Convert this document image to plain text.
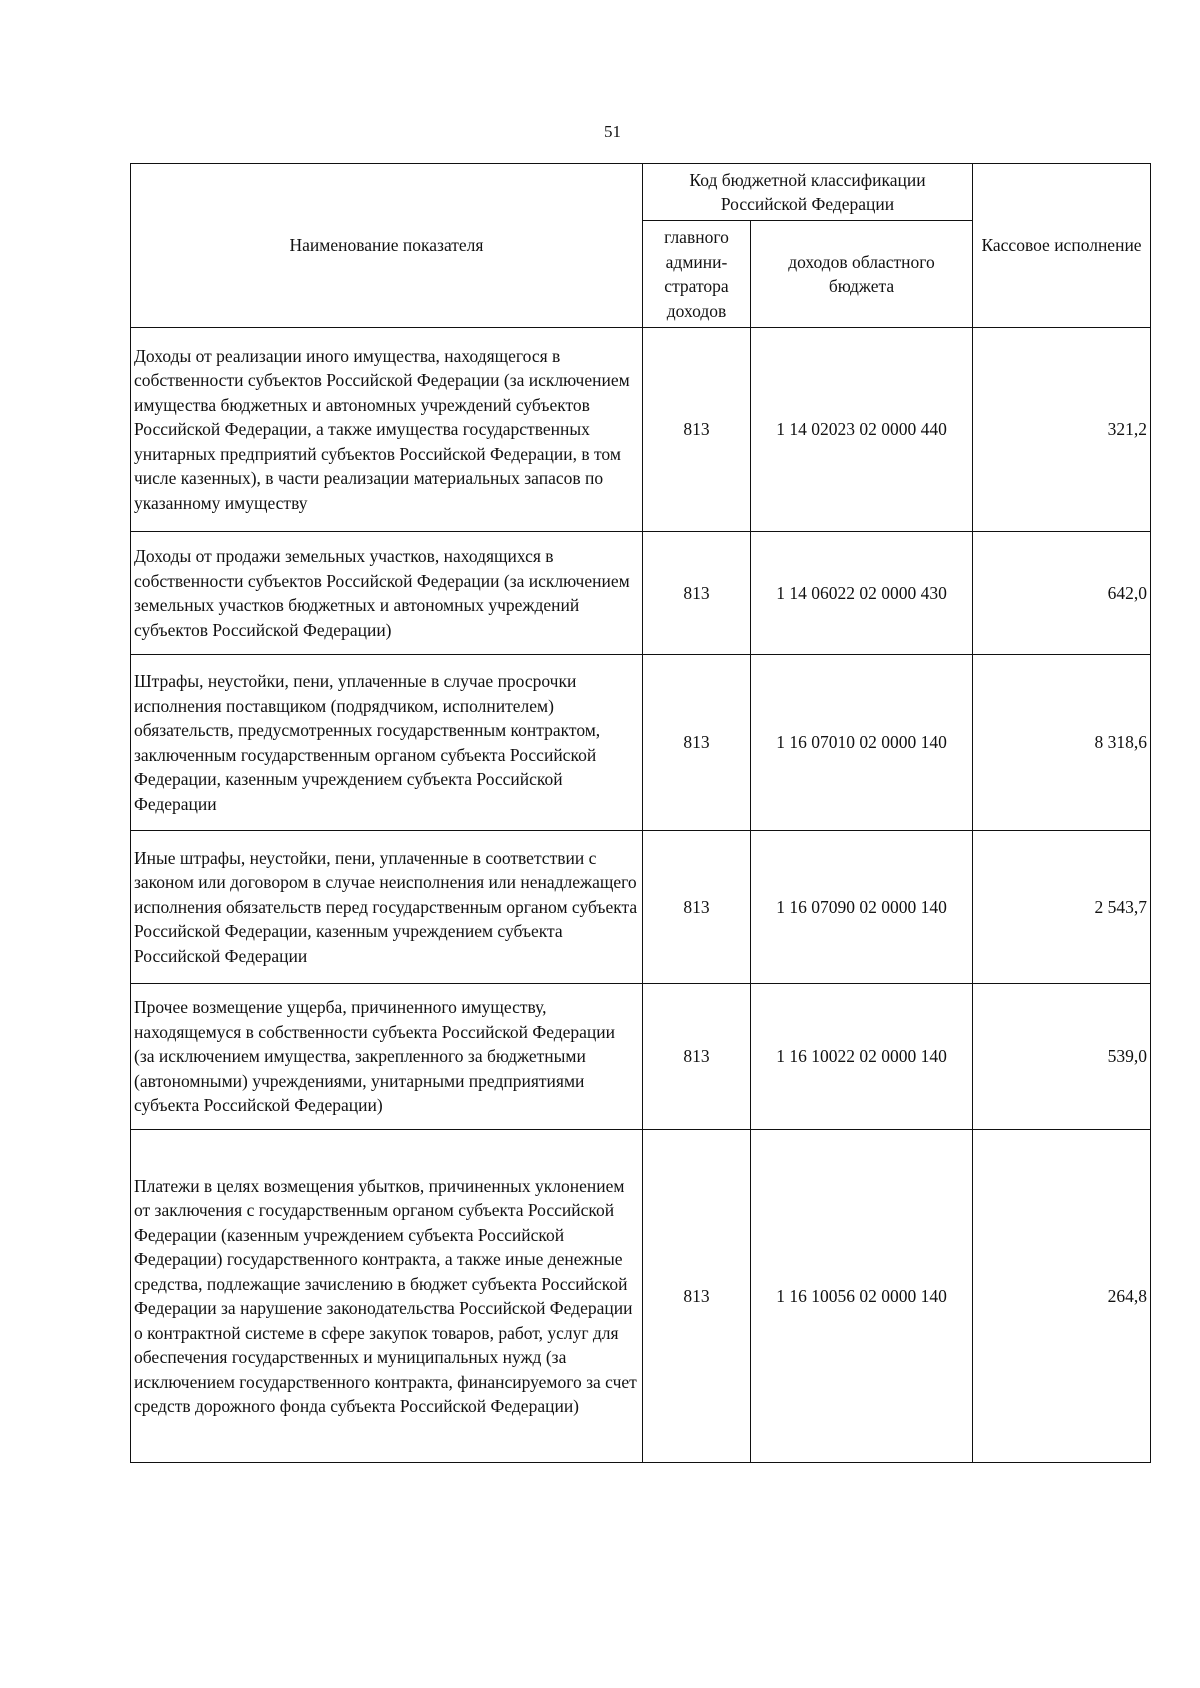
51
Наименование показателя	Код бюджетной классификации Российской Федерации		Кассовое исполнение
	главного админи-стратора доходов	доходов областного бюджета	
Доходы от реализации иного имущества, находящегося в собственности субъектов Российской Федерации (за исключением имущества бюджетных и автономных учреждений субъектов Российской Федерации, а также имущества государственных унитарных предприятий субъектов Российской Федерации, в том числе казенных), в части реализации материальных запасов по указанному имуществу	813	1 14 02023 02 0000 440	321,2
Доходы от продажи земельных участков, находящихся в собственности субъектов Российской Федерации (за исключением земельных участков бюджетных и автономных учреждений субъектов Российской Федерации)	813	1 14 06022 02 0000 430	642,0
Штрафы, неустойки, пени, уплаченные в случае просрочки исполнения поставщиком (подрядчиком, исполнителем) обязательств, предусмотренных государственным контрактом, заключенным государственным органом субъекта Российской Федерации, казенным учреждением субъекта Российской Федерации	813	1 16 07010 02 0000 140	8 318,6
Иные штрафы, неустойки, пени, уплаченные в соответствии с законом или договором в случае неисполнения или ненадлежащего исполнения обязательств перед государственным органом субъекта Российской Федерации, казенным учреждением субъекта Российской Федерации	813	1 16 07090 02 0000 140	2 543,7
Прочее возмещение ущерба, причиненного имуществу, находящемуся в собственности субъекта Российской Федерации (за исключением имущества, закрепленного за бюджетными (автономными) учреждениями, унитарными предприятиями субъекта Российской Федерации)	813	1 16 10022 02 0000 140	539,0
Платежи в целях возмещения убытков, причиненных уклонением от заключения с государственным органом субъекта Российской Федерации (казенным учреждением субъекта Российской Федерации) государственного контракта, а также иные денежные средства, подлежащие зачислению в бюджет субъекта Российской Федерации за нарушение законодательства Российской Федерации о контрактной системе в сфере закупок товаров, работ, услуг для обеспечения государственных и муниципальных нужд (за исключением государственного контракта, финансируемого за счет средств дорожного фонда субъекта Российской Федерации)	813	1 16 10056 02 0000 140	264,8
